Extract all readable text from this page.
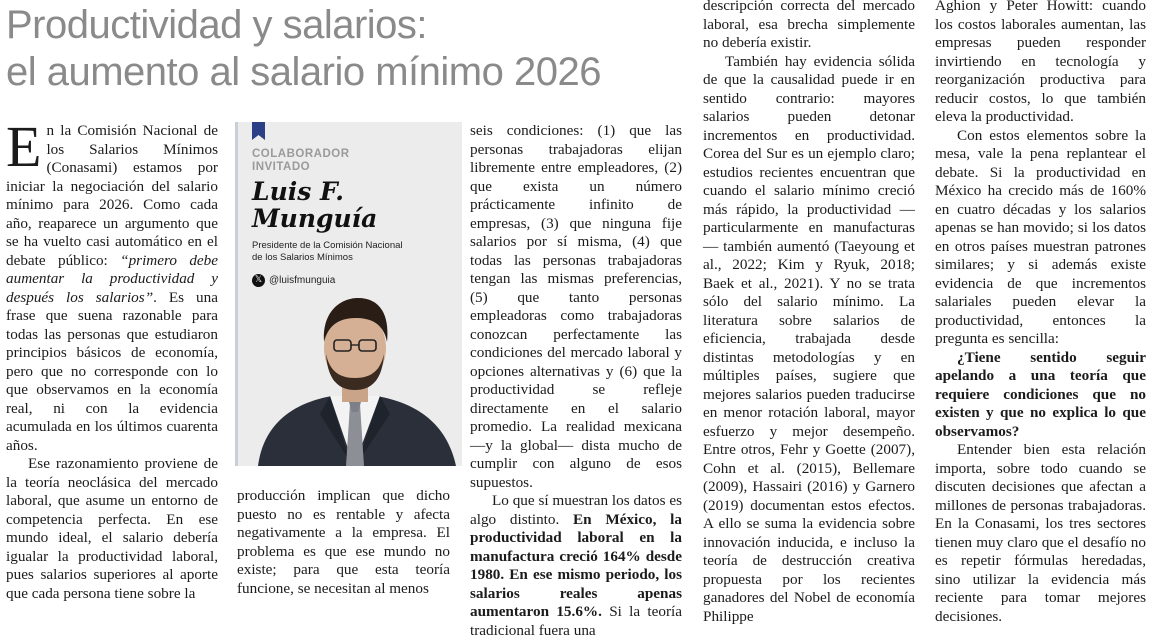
Productividad y salarios:
el aumento al salario mínimo 2026

En la Comisión Nacional de los Salarios Mínimos (Conasami) estamos por iniciar la negociación del salario mínimo para 2026. Como cada año, reaparece un argumento que se ha vuelto casi automático en el debate público: “primero debe aumentar la productividad y después los salarios”. Es una frase que suena razonable para todas las personas que estudiaron principios básicos de economía, pero que no corresponde con lo que observamos en la economía real, ni con la evidencia acumulada en los últimos cuarenta años.

Ese razonamiento proviene de la teoría neoclásica del mercado laboral, que asume un entorno de competencia perfecta. En ese mundo ideal, el salario debería igualar la productividad laboral, pues salarios superiores al aporte que cada persona tiene sobre la

COLABORADOR
INVITADO
Luis F.
Munguía
Presidente de la Comisión Nacional
de los Salarios Mínimos
𝕏 @luisfmunguia

producción implican que dicho puesto no es rentable y afecta negativamente a la empresa. El problema es que ese mundo no existe; para que esta teoría funcione, se necesitan al menos

seis condiciones: (1) que las personas trabajadoras elijan libremente entre empleadores, (2) que exista un número prácticamente infinito de empresas, (3) que ninguna fije salarios por sí misma, (4) que todas las personas trabajadoras tengan las mismas preferencias, (5) que tanto personas empleadoras como trabajadoras conozcan perfectamente las condiciones del mercado laboral y opciones alternativas y (6) que la productividad se refleje directamente en el salario promedio. La realidad mexicana —y la global— dista mucho de cumplir con alguno de esos supuestos.

Lo que sí muestran los datos es algo distinto. En México, la productividad laboral en la manufactura creció 164% desde 1980. En ese mismo periodo, los salarios reales apenas aumentaron 15.6%. Si la teoría tradicional fuera una

descripción correcta del mercado laboral, esa brecha simplemente no debería existir.

También hay evidencia sólida de que la causalidad puede ir en sentido contrario: mayores salarios pueden detonar incrementos en productividad. Corea del Sur es un ejemplo claro; estudios recientes encuentran que cuando el salario mínimo creció más rápido, la productividad —particularmente en manufacturas— también aumentó (Taeyoung et al., 2022; Kim y Ryuk, 2018; Baek et al., 2021). Y no se trata sólo del salario mínimo. La literatura sobre salarios de eficiencia, trabajada desde distintas metodologías y en múltiples países, sugiere que mejores salarios pueden traducirse en menor rotación laboral, mayor esfuerzo y mejor desempeño. Entre otros, Fehr y Goette (2007), Cohn et al. (2015), Bellemare (2009), Hassairi (2016) y Garnero (2019) documentan estos efectos. A ello se suma la evidencia sobre innovación inducida, e incluso la teoría de destrucción creativa propuesta por los recientes ganadores del Nobel de economía Philippe

Aghion y Peter Howitt: cuando los costos laborales aumentan, las empresas pueden responder invirtiendo en tecnología y reorganización productiva para reducir costos, lo que también eleva la productividad.

Con estos elementos sobre la mesa, vale la pena replantear el debate. Si la productividad en México ha crecido más de 160% en cuatro décadas y los salarios apenas se han movido; si los datos en otros países muestran patrones similares; y si además existe evidencia de que incrementos salariales pueden elevar la productividad, entonces la pregunta es sencilla:

¿Tiene sentido seguir apelando a una teoría que requiere condiciones que no existen y que no explica lo que observamos?

Entender bien esta relación importa, sobre todo cuando se discuten decisiones que afectan a millones de personas trabajadoras. En la Conasami, los tres sectores tienen muy claro que el desafío no es repetir fórmulas heredadas, sino utilizar la evidencia más reciente para tomar mejores decisiones.
